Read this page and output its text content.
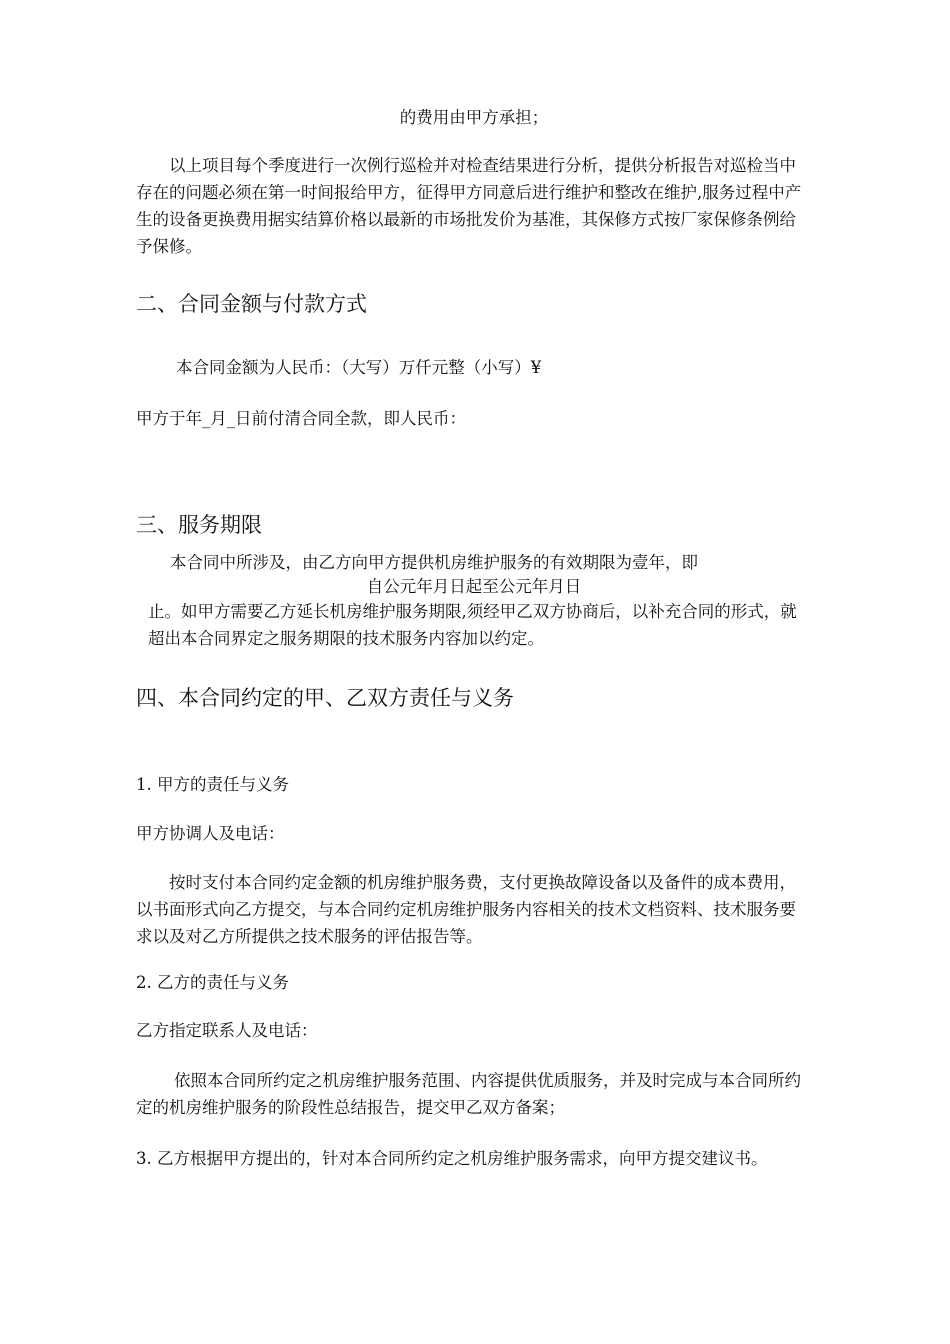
的费用由甲方承担；

以上项目每个季度进行一次例行巡检并对检查结果进行分析，提供分析报告对巡检当中存在的问题必须在第一时间报给甲方，征得甲方同意后进行维护和整改在维护,服务过程中产生的设备更换费用据实结算价格以最新的市场批发价为基准，其保修方式按厂家保修条例给予保修。

二、合同金额与付款方式

本合同金额为人民币：（大写）万仟元整（小写）¥

甲方于年_月_日前付清合同全款，即人民币：

三、服务期限

本合同中所涉及，由乙方向甲方提供机房维护服务的有效期限为壹年，即

自公元年月日起至公元年月日

止。如甲方需要乙方延长机房维护服务期限,须经甲乙双方协商后，以补充合同的形式，就超出本合同界定之服务期限的技术服务内容加以约定。

四、本合同约定的甲、乙双方责任与义务

1. 甲方的责任与义务

甲方协调人及电话：

按时支付本合同约定金额的机房维护服务费，支付更换故障设备以及备件的成本费用，以书面形式向乙方提交，与本合同约定机房维护服务内容相关的技术文档资料、技术服务要求以及对乙方所提供之技术服务的评估报告等。

2. 乙方的责任与义务

乙方指定联系人及电话：

依照本合同所约定之机房维护服务范围、内容提供优质服务，并及时完成与本合同所约定的机房维护服务的阶段性总结报告，提交甲乙双方备案；

3. 乙方根据甲方提出的，针对本合同所约定之机房维护服务需求，向甲方提交建议书。
